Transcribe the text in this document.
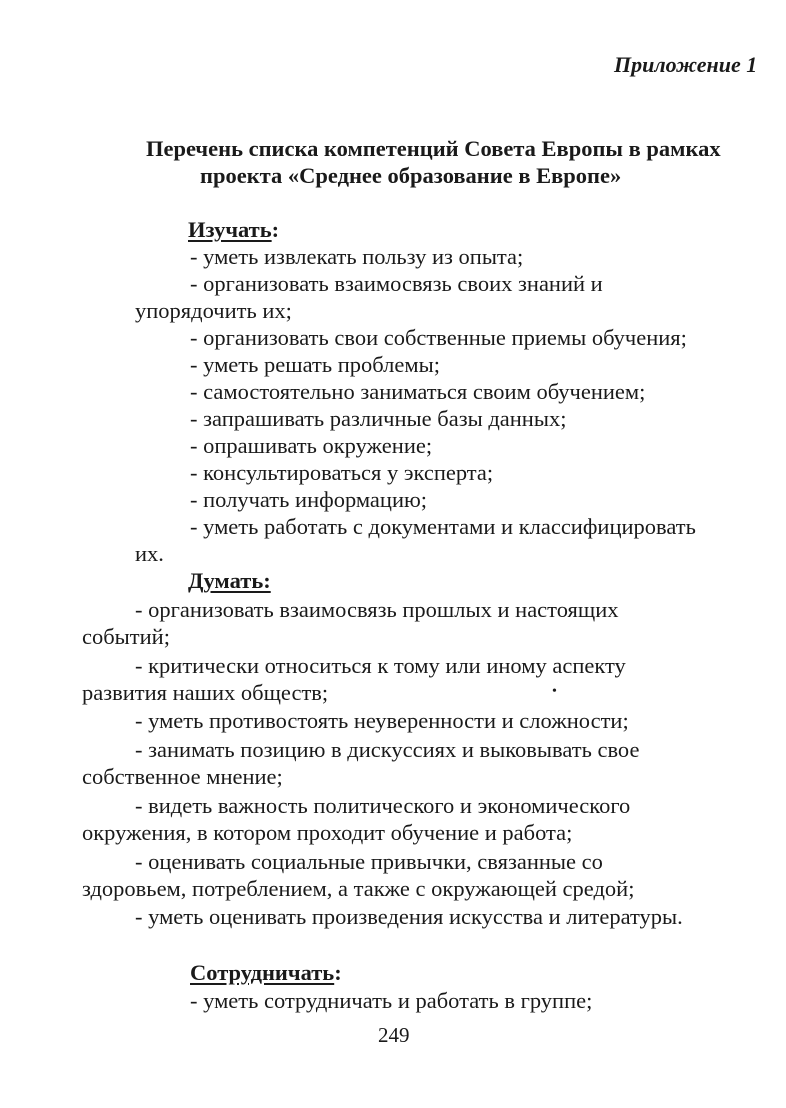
Приложение 1
Перечень списка компетенций Совета Европы в рамках
проекта «Среднее образование в Европе»
Изучать:
- уметь извлекать пользу из опыта;
- организовать взаимосвязь своих знаний и
упорядочить их;
- организовать свои собственные приемы обучения;
- уметь решать проблемы;
- самостоятельно заниматься своим обучением;
- запрашивать различные базы данных;
- опрашивать окружение;
- консультироваться у эксперта;
- получать информацию;
- уметь работать с документами и классифицировать
их.
Думать:
- организовать взаимосвязь прошлых и настоящих
событий;
- критически относиться к тому или иному аспекту
развития наших обществ;	•
- уметь противостоять неуверенности и сложности;
- занимать позицию в дискуссиях и выковывать свое
собственное мнение;
- видеть важность политического и экономического
окружения, в котором проходит обучение и работа;
- оценивать социальные привычки, связанные со
здоровьем, потреблением, а также с окружающей средой;
- уметь оценивать произведения искусства и литературы.
Сотрудничать:
- уметь сотрудничать и работать в группе;
249
